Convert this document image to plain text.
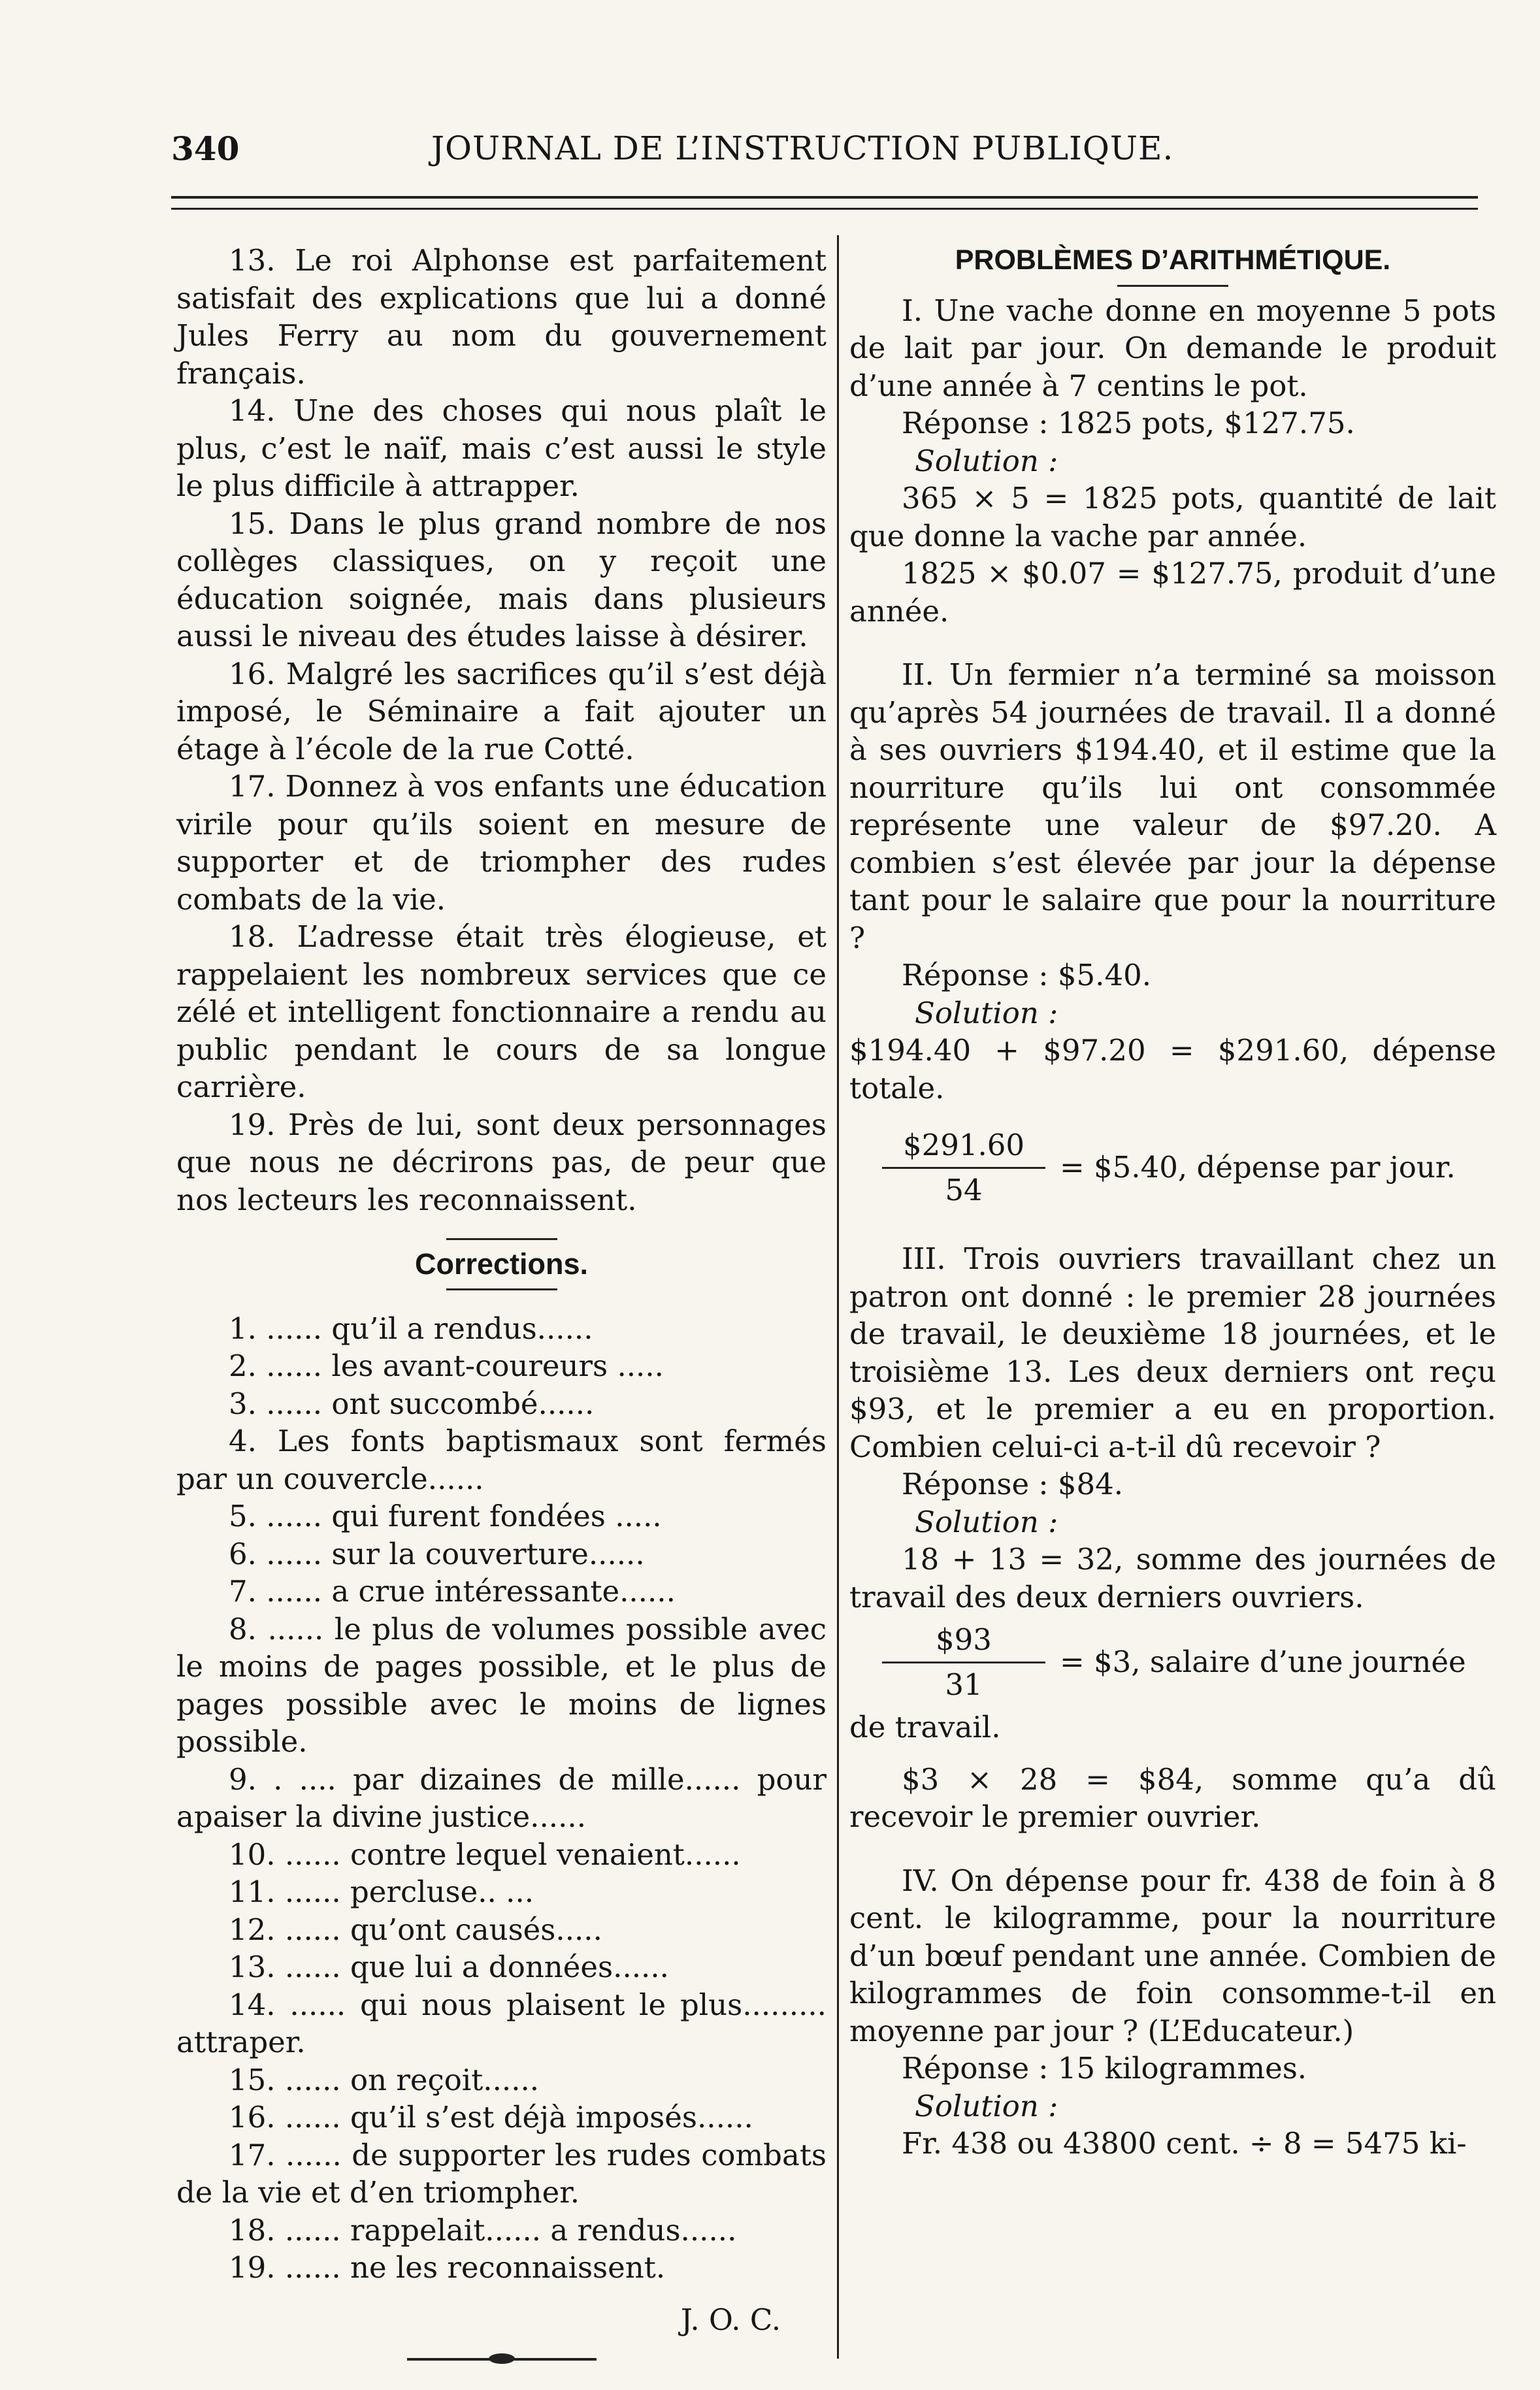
340	JOURNAL DE L’INSTRUCTION PUBLIQUE.

13. Le roi Alphonse est parfaitement satisfait des explications que lui a donné Jules Ferry au nom du gouvernement français.

14. Une des choses qui nous plaît le plus, c’est le naïf, mais c’est aussi le style le plus difficile à attrapper.

15. Dans le plus grand nombre de nos collèges classiques, on y reçoit une éducation soignée, mais dans plusieurs aussi le niveau des études laisse à désirer.

16. Malgré les sacrifices qu’il s’est déjà imposé, le Séminaire a fait ajouter un étage à l’école de la rue Cotté.

17. Donnez à vos enfants une éducation virile pour qu’ils soient en mesure de supporter et de triompher des rudes combats de la vie.

18. L’adresse était très élogieuse, et rappelaient les nombreux services que ce zélé et intelligent fonctionnaire a rendu au public pendant le cours de sa longue carrière.

19. Près de lui, sont deux personnages que nous ne décrirons pas, de peur que nos lecteurs les reconnaissent.

Corrections.

1. ...... qu’il a rendus......

2. ...... les avant-coureurs .....

3. ...... ont succombé......

4. Les fonts baptismaux sont fermés par un couvercle......

5. ...... qui furent fondées .....

6. ...... sur la couverture......

7. ...... a crue intéressante......

8. ...... le plus de volumes possible avec le moins de pages possible, et le plus de pages possible avec le moins de lignes possible.

9. . .... par dizaines de mille...... pour apaiser la divine justice......

10. ...... contre lequel venaient......

11. ...... percluse.. ...

12. ...... qu’ont causés.....

13. ...... que lui a données......

14. ...... qui nous plaisent le plus......... attraper.

15. ...... on reçoit......

16. ...... qu’il s’est déjà imposés......

17. ...... de supporter les rudes combats de la vie et d’en triompher.

18. ...... rappelait...... a rendus......

19. ...... ne les reconnaissent.

J. O. C.

PROBLÈMES D’ARITHMÉTIQUE.

I. Une vache donne en moyenne 5 pots de lait par jour. On demande le produit d’une année à 7 centins le pot.

Réponse : 1825 pots, $127.75.

Solution :

365 × 5 = 1825 pots, quantité de lait que donne la vache par année.

1825 × $0.07 = $127.75, produit d’une année.

II. Un fermier n’a terminé sa moisson qu’après 54 journées de travail. Il a donné à ses ouvriers $194.40, et il estime que la nourriture qu’ils lui ont consommée représente une valeur de $97.20. A combien s’est élevée par jour la dépense tant pour le salaire que pour la nourriture ?

Réponse : $5.40.

Solution :

$194.40 + $97.20 = $291.60, dépense totale.

$\frac{\$291.60}{54}$ = $5.40, dépense par jour.

III. Trois ouvriers travaillant chez un patron ont donné : le premier 28 journées de travail, le deuxième 18 journées, et le troisième 13. Les deux derniers ont reçu $93, et le premier a eu en proportion. Combien celui-ci a-t-il dû recevoir ?

Réponse : $84.

Solution :

18 + 13 = 32, somme des journées de travail des deux derniers ouvriers.

$\frac{\$93}{31}$ = $3, salaire d’une journée

de travail.

$3 × 28 = $84, somme qu’a dû recevoir le premier ouvrier.

IV. On dépense pour fr. 438 de foin à 8 cent. le kilogramme, pour la nourriture d’un bœuf pendant une année. Combien de kilogrammes de foin consomme-t-il en moyenne par jour ? (L’Educateur.)

Réponse : 15 kilogrammes.

Solution :

Fr. 438 ou 43800 cent. ÷ 8 = 5475 ki-
